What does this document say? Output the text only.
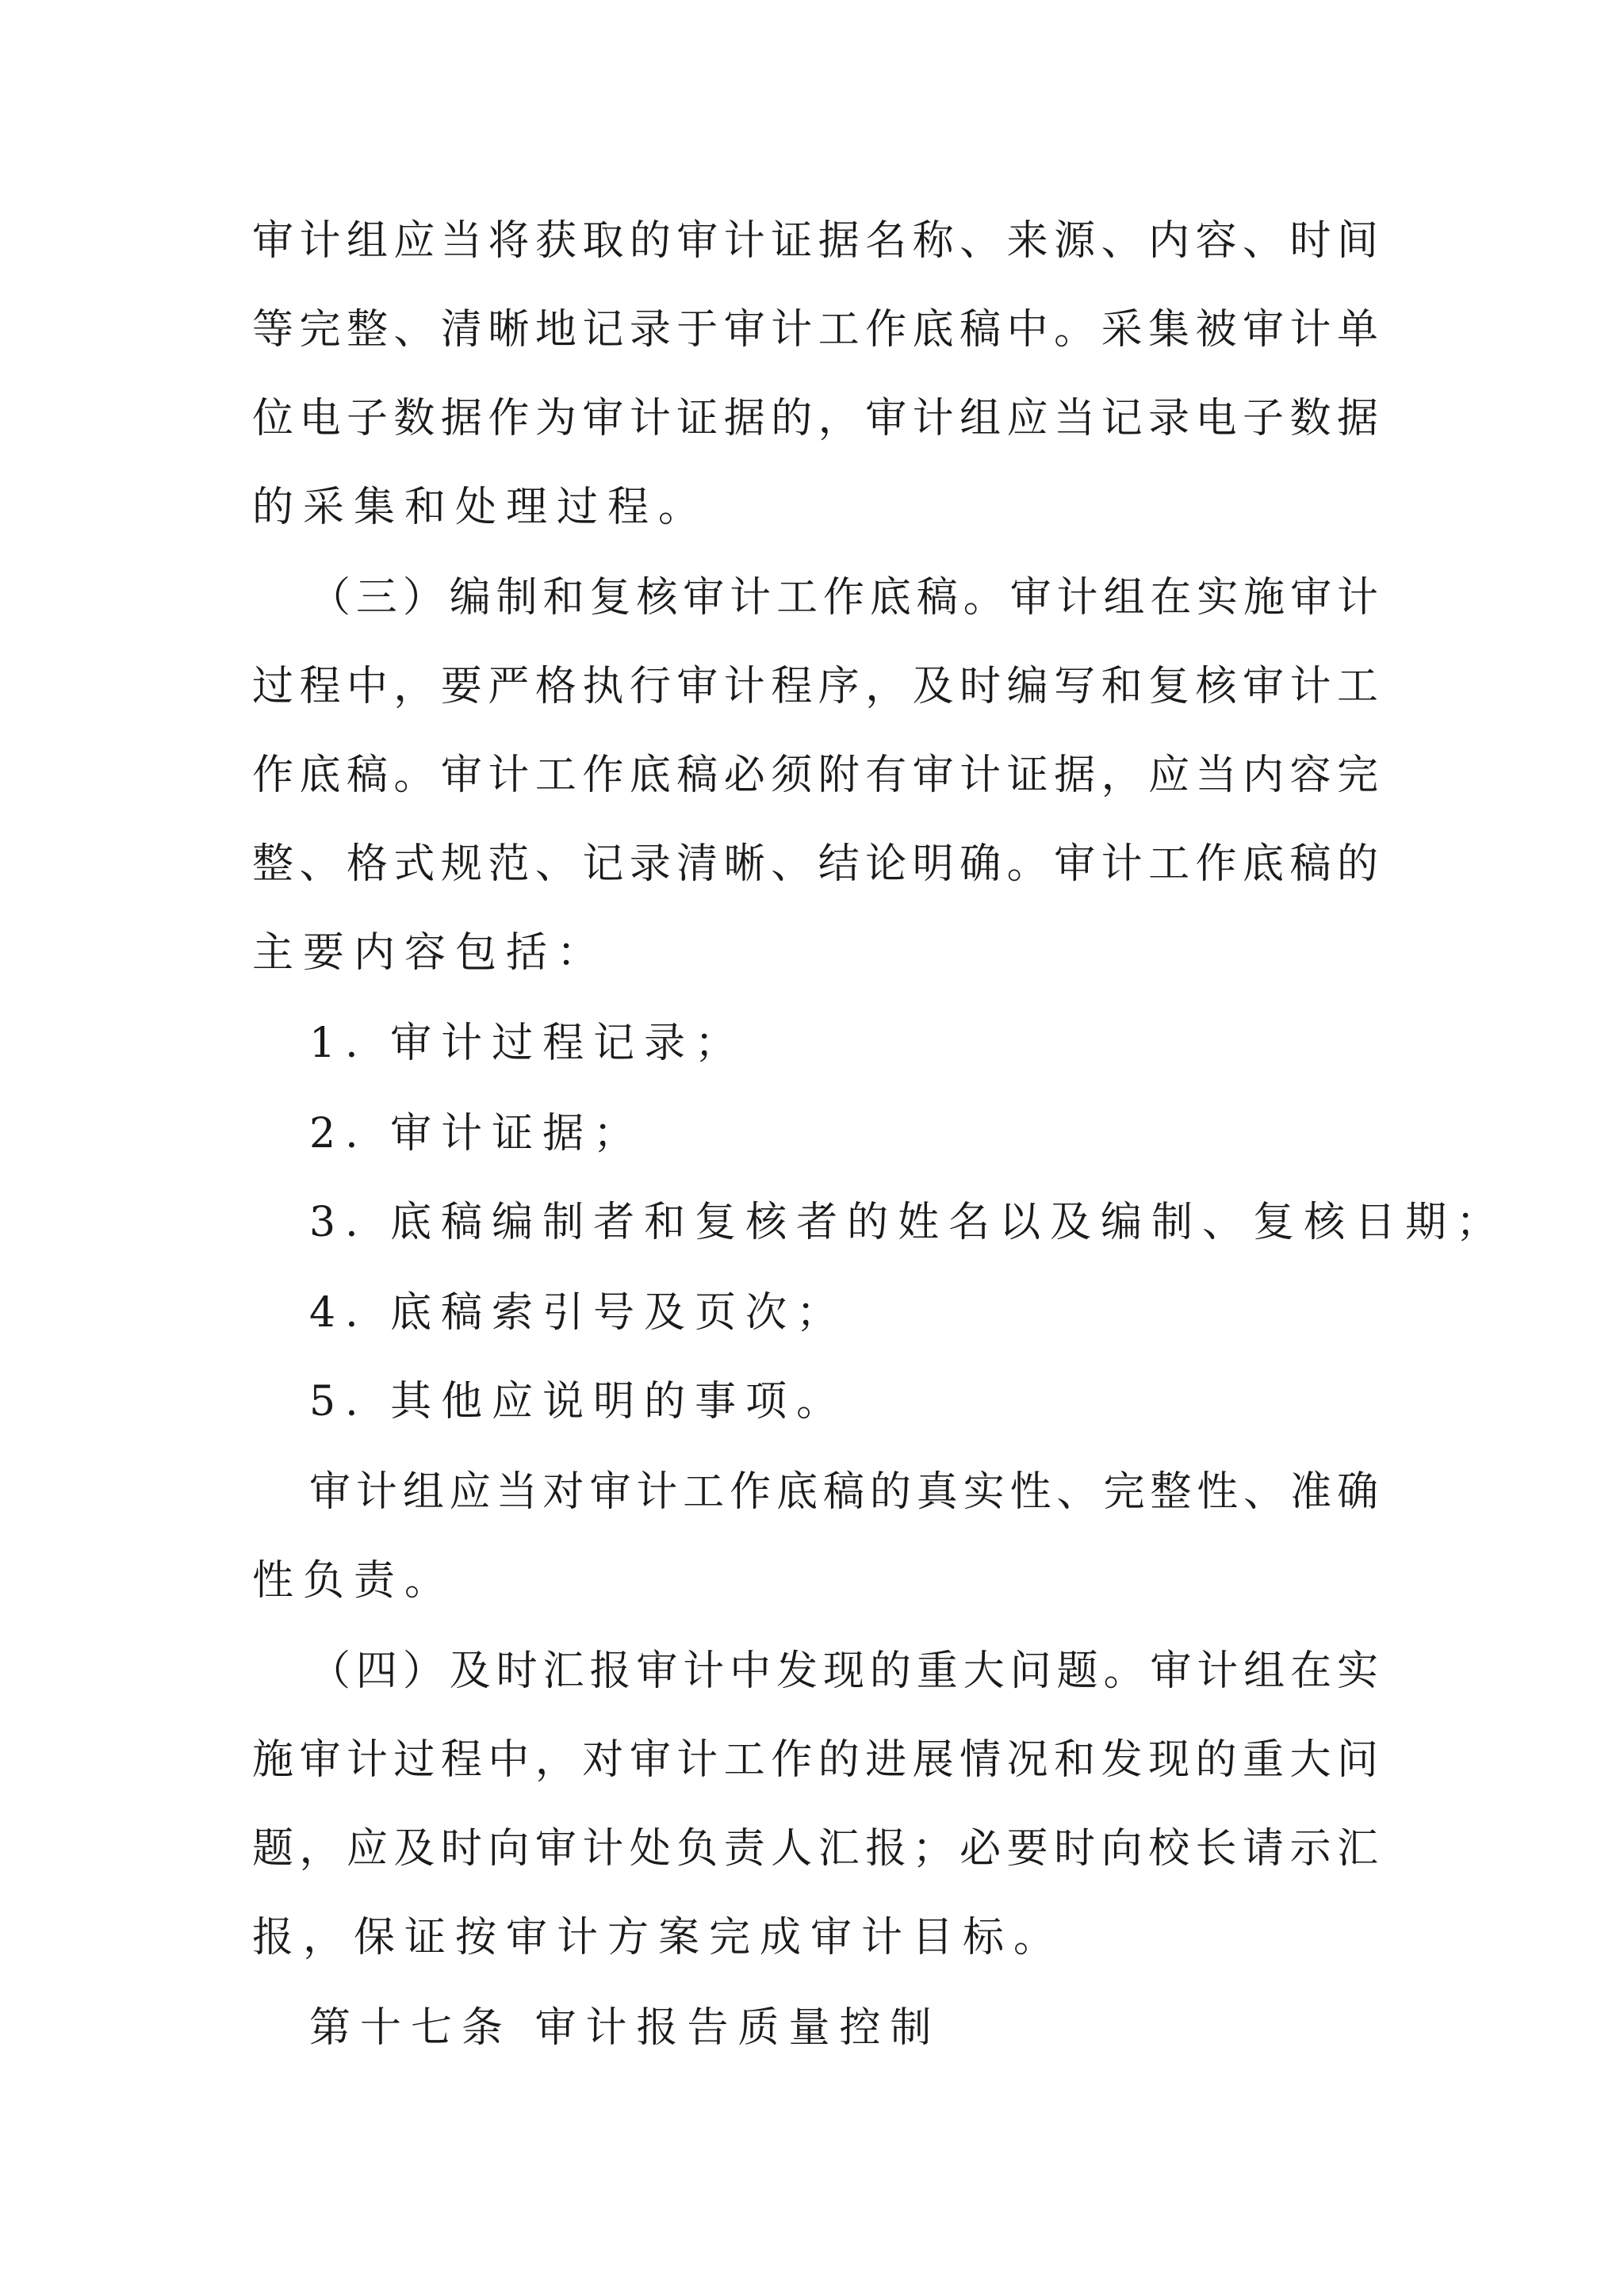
审计组应当将获取的审计证据名称、来源、内容、时间
等完整、清晰地记录于审计工作底稿中。采集被审计单
位电子数据作为审计证据的，审计组应当记录电子数据
的采集和处理过程。
（三）编制和复核审计工作底稿。审计组在实施审计
过程中，要严格执行审计程序，及时编写和复核审计工
作底稿。审计工作底稿必须附有审计证据，应当内容完
整、格式规范、记录清晰、结论明确。审计工作底稿的
主要内容包括：
1. 审计过程记录；
2. 审计证据；
3. 底稿编制者和复核者的姓名以及编制、复核日期；
4. 底稿索引号及页次；
5. 其他应说明的事项。
审计组应当对审计工作底稿的真实性、完整性、准确
性负责。
（四）及时汇报审计中发现的重大问题。审计组在实
施审计过程中，对审计工作的进展情况和发现的重大问
题，应及时向审计处负责人汇报；必要时向校长请示汇
报，保证按审计方案完成审计目标。
第十七条 审计报告质量控制
